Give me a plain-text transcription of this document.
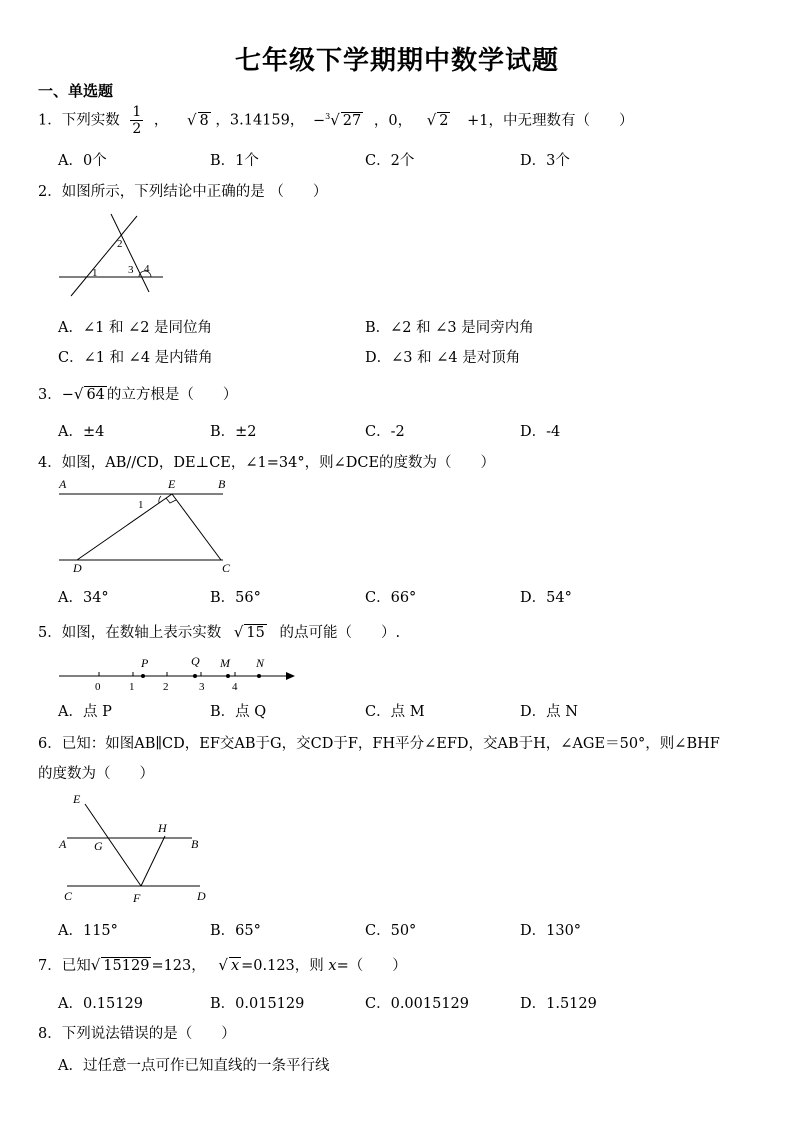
七年级下学期期中数学试题
一、单选题
1．下列实数 $\frac{1}{2}$ ， √ 8 ，3.14159， −$^3$√ 27 ，0， √ 2 +1，中无理数有（　　）
A．0个	B．1个	C．2个	D．3个
2．如图所示，下列结论中正确的是 （　　）
2
1	3 4
A．∠1 和 ∠2 是同位角	B．∠2 和 ∠3 是同旁内角
C．∠1 和 ∠4 是内错角	D．∠3 和 ∠4 是对顶角
3．−√ 64 的立方根是（　　）
A．±4	B．±2	C．-2	D．-4
4．如图，AB//CD，DE⊥CE，∠1=34°，则∠DCE的度数为（　　）
A	E	B
1
D	C
A．34°	B．56°	C．66°	D．54°
5．如图，在数轴上表示实数 √ 15 的点可能（　　）.
0	1	2	3	4
P	Q M N
A．点 P	B．点 Q	C．点 M	D．点 N
6．已知：如图AB∥CD，EF交AB于G，交CD于F，FH平分∠EFD，交AB于H，∠AGE＝50°，则∠BHF
的度数为（　　）
E
H
A G	B
C	F	D
A．115°	B．65°	C．50°	D．130°
7．已知√ 15129 =123， √ x =0.123，则 x=（　　）
A．0.15129	B．0.015129	C．0.0015129	D．1.5129
8．下列说法错误的是（　　）
A．过任意一点可作已知直线的一条平行线
